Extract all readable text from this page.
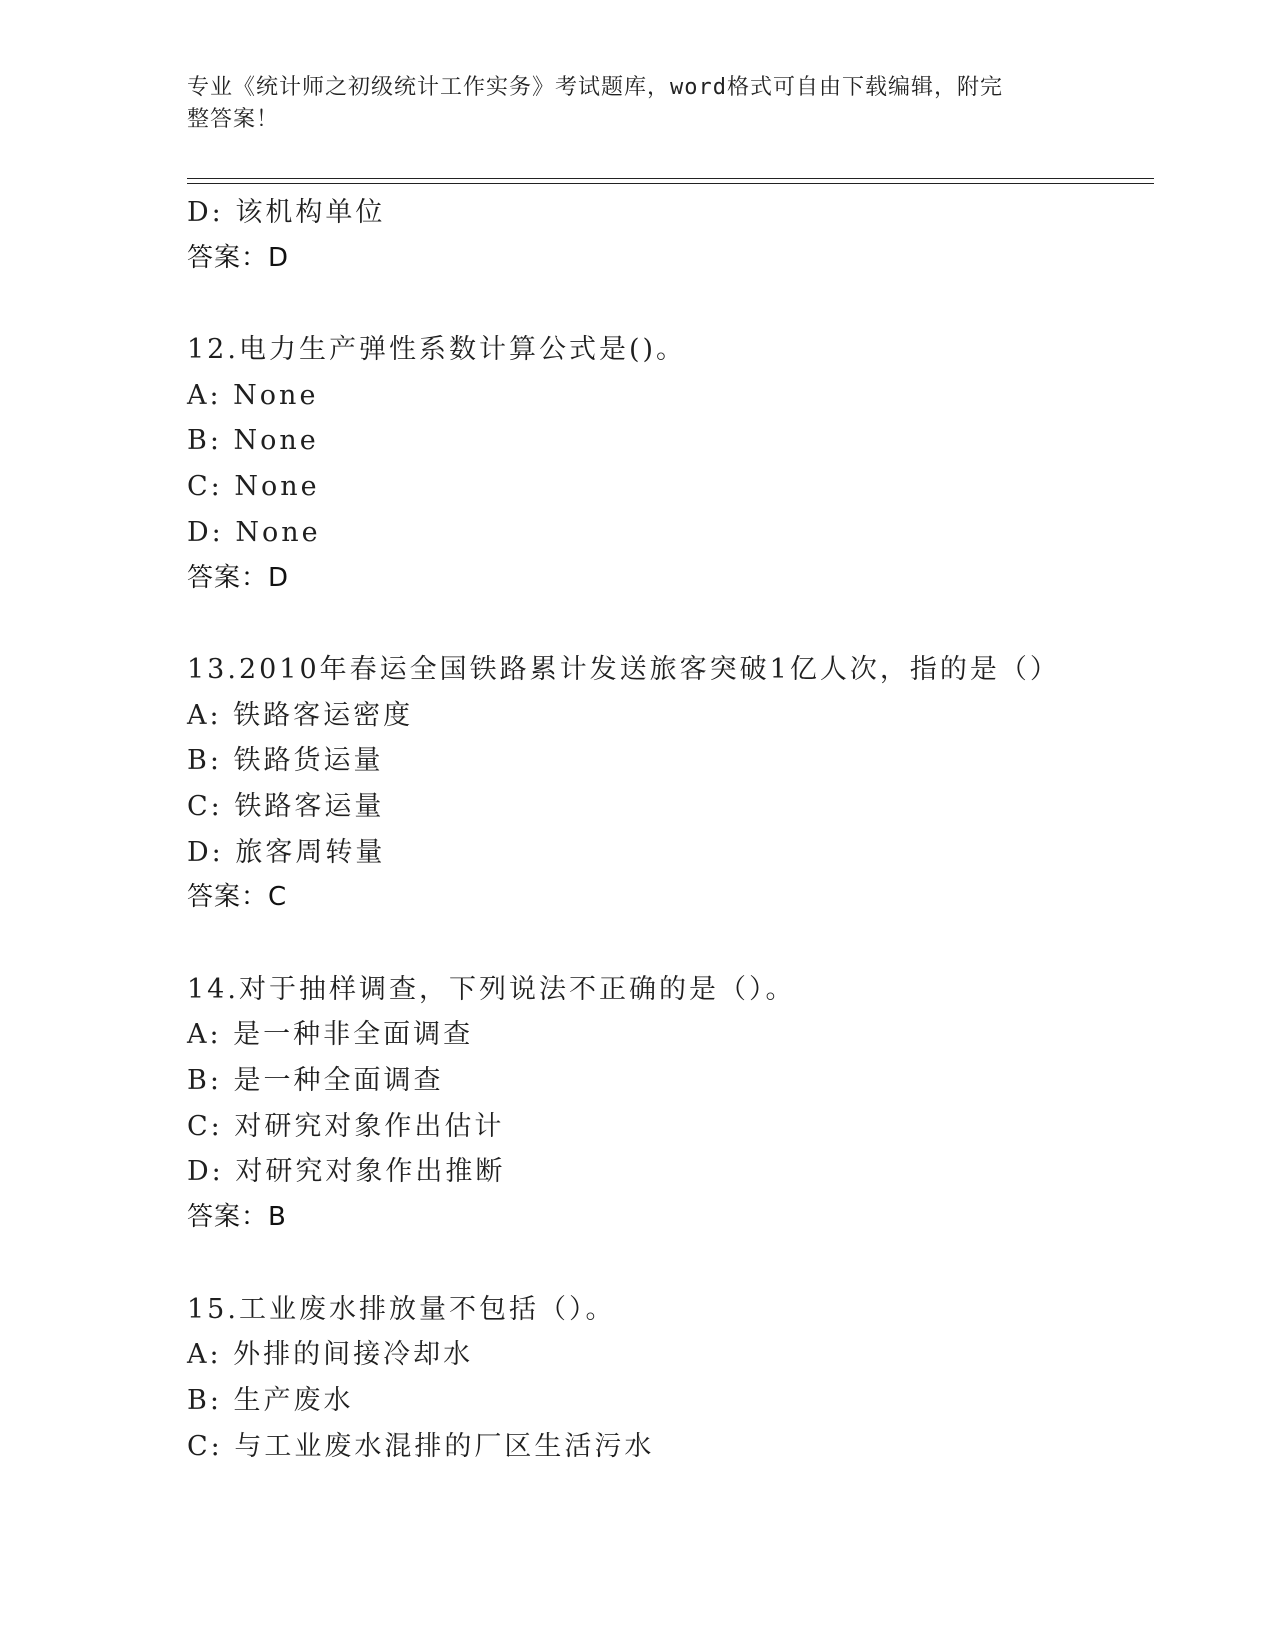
专业《统计师之初级统计工作实务》考试题库，word格式可自由下载编辑，附完
整答案！
D: 该机构单位
答案：D
12.电力生产弹性系数计算公式是()。
A: None
B: None
C: None
D: None
答案：D
13.2010年春运全国铁路累计发送旅客突破1亿人次，指的是（）
A: 铁路客运密度
B: 铁路货运量
C: 铁路客运量
D: 旅客周转量
答案：C
14.对于抽样调查，下列说法不正确的是（）。
A: 是一种非全面调查
B: 是一种全面调查
C: 对研究对象作出估计
D: 对研究对象作出推断
答案：B
15.工业废水排放量不包括（）。
A: 外排的间接冷却水
B: 生产废水
C: 与工业废水混排的厂区生活污水
